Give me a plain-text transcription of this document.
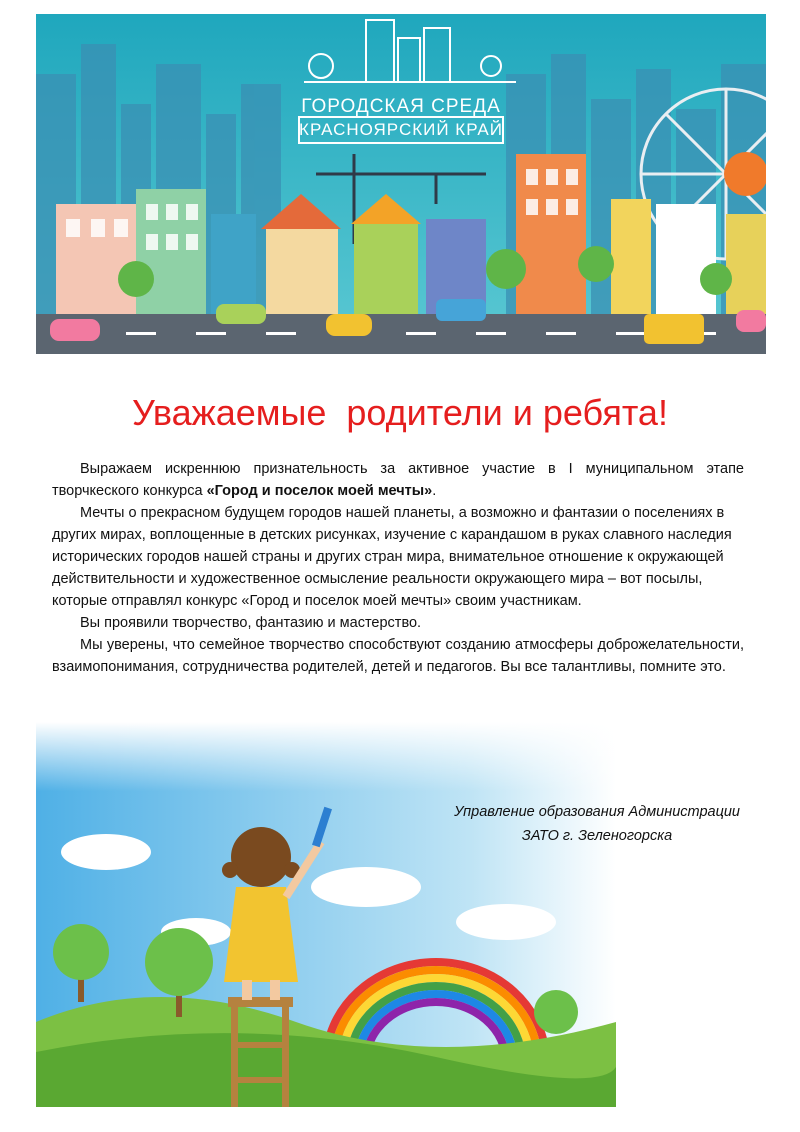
ГОРОДСКАЯ СРЕДА
КРАСНОЯРСКИЙ КРАЙ
Уважаемые  родители и ребята!

Выражаем искреннюю признательность за активное участие в I муниципальном этапе творчкеского конкурса «Город и поселок моей мечты».

Мечты о прекрасном будущем городов нашей планеты, а возможно и фантазии о поселениях в других мирах, воплощенные в детских рисунках, изучение с карандашом в руках славного наследия исторических городов нашей страны и других стран мира, внимательное отношение к окружающей действительности и художественное осмысление реальности окружающего мира – вот посылы, которые отправлял конкурс «Город и поселок моей мечты» своим участникам.

Вы проявили творчество, фантазию и мастерство.

Мы уверены, что семейное творчество способствуют созданию атмосферы доброжелательности, взаимопонимания, сотрудничества родителей, детей и педагогов. Вы все талантливы, помните это.

Управление образования Администрации
ЗАТО г. Зеленогорска
